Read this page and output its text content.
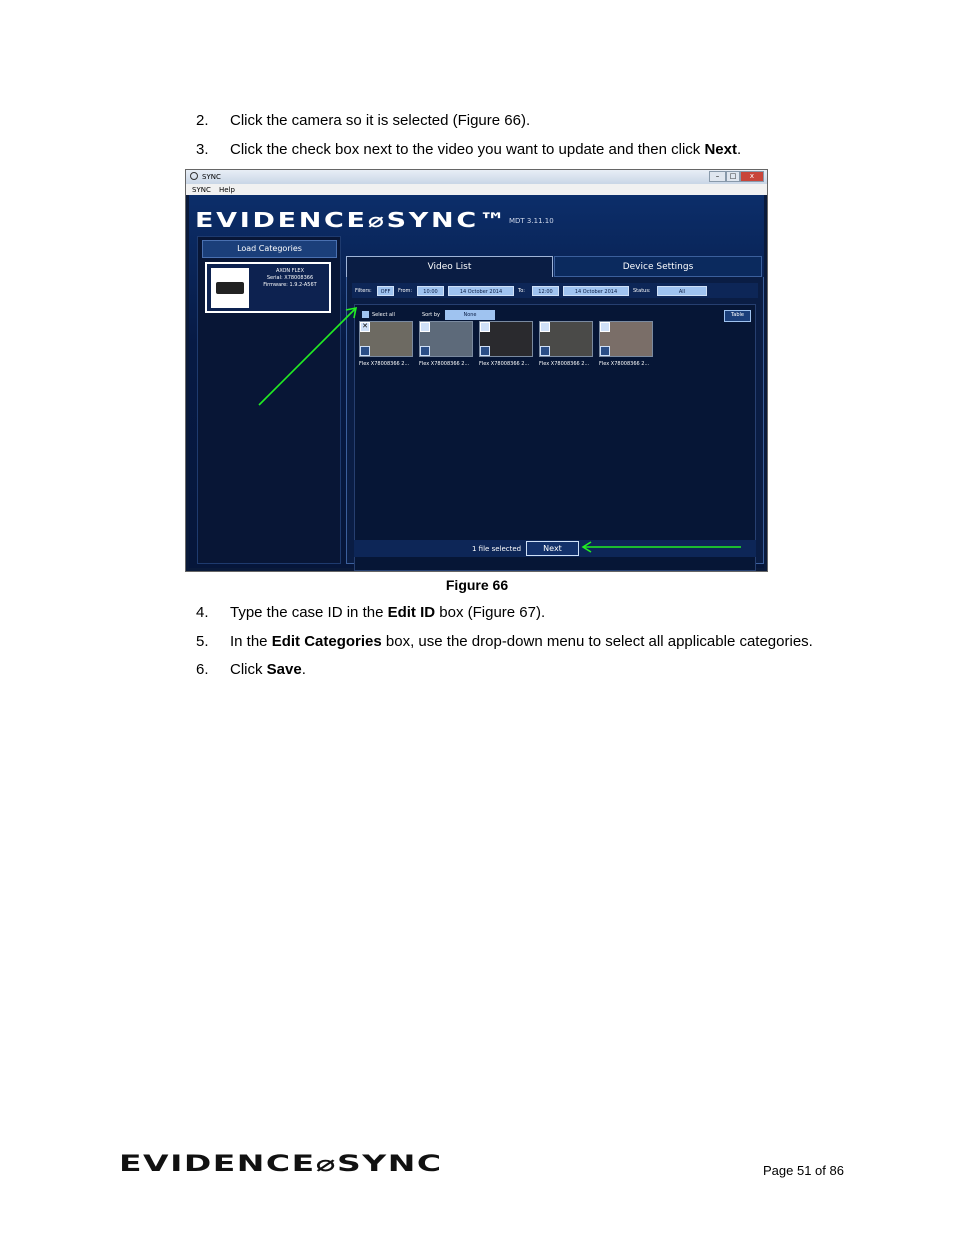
2. Click the camera so it is selected (Figure 66).
3. Click the check box next to the video you want to update and then click Next.
SYNC	–	□	x
SYNC Help
EVIDENCE⌀SYNC™ MDT 3.11.10
Load Categories
AXON FLEX
Serial: X78008366
Firmware: 1.9.2-A56T
Video List	Device Settings
Filters:	OFF	From:	10:00	14 October 2014	To:	12:00	14 October 2014	Status:	All
Select all	Sort by	None	Table
✕
Flex X78008366 2...	Flex X78008366 2...	Flex X78008366 2...	Flex X78008366 2...	Flex X78008366 2...
1 file selected	Next
Figure 66
4. Type the case ID in the Edit ID box (Figure 67).
5. In the Edit Categories box, use the drop-down menu to select all applicable categories.
6. Click Save.
EVIDENCE⌀SYNC	Page 51 of 86
